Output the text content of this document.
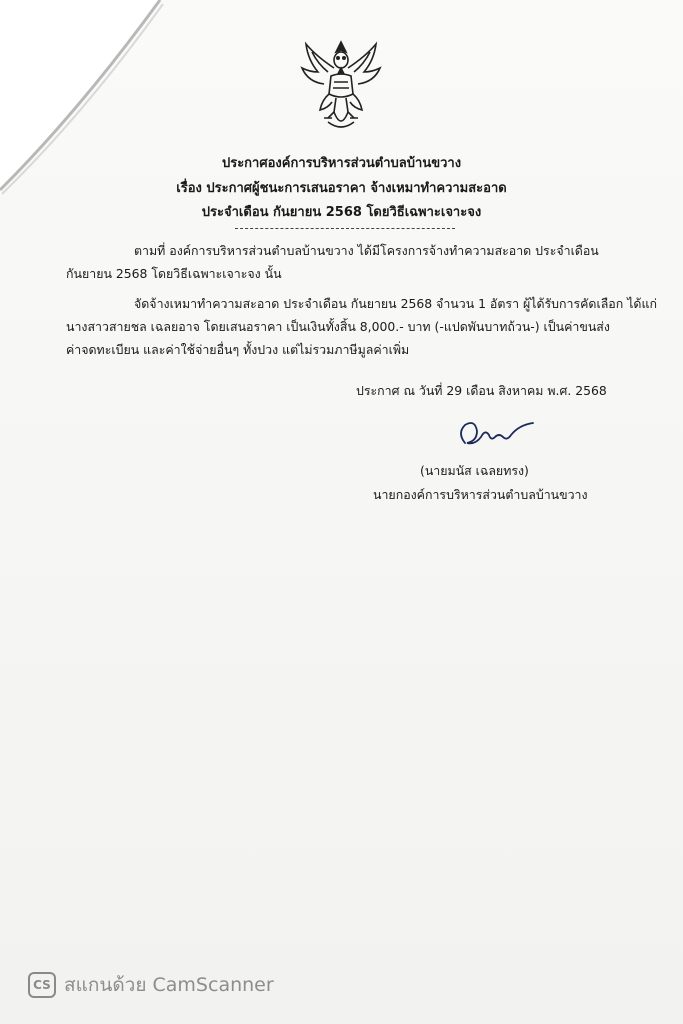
ประกาศองค์การบริหารส่วนตำบลบ้านขวาง
เรื่อง ประกาศผู้ชนะการเสนอราคา จ้างเหมาทำความสะอาด
ประจำเดือน กันยายน 2568 โดยวิธีเฉพาะเจาะจง
ตามที่ องค์การบริหารส่วนตำบลบ้านขวาง ได้มีโครงการจ้างทำความสะอาด ประจำเดือน
กันยายน 2568 โดยวิธีเฉพาะเจาะจง นั้น
จัดจ้างเหมาทำความสะอาด ประจำเดือน กันยายน 2568 จำนวน 1 อัตรา ผู้ได้รับการคัดเลือก ได้แก่
นางสาวสายชล เฉลยอาจ โดยเสนอราคา เป็นเงินทั้งสิ้น 8,000.- บาท (-แปดพันบาทถ้วน-) เป็นค่าขนส่ง
ค่าจดทะเบียน และค่าใช้จ่ายอื่นๆ ทั้งปวง แต่ไม่รวมภาษีมูลค่าเพิ่ม
ประกาศ ณ วันที่ 29 เดือน สิงหาคม พ.ศ. 2568
(นายมนัส เฉลยทรง)
นายกองค์การบริหารส่วนตำบลบ้านขวาง
CS สแกนด้วย CamScanner
